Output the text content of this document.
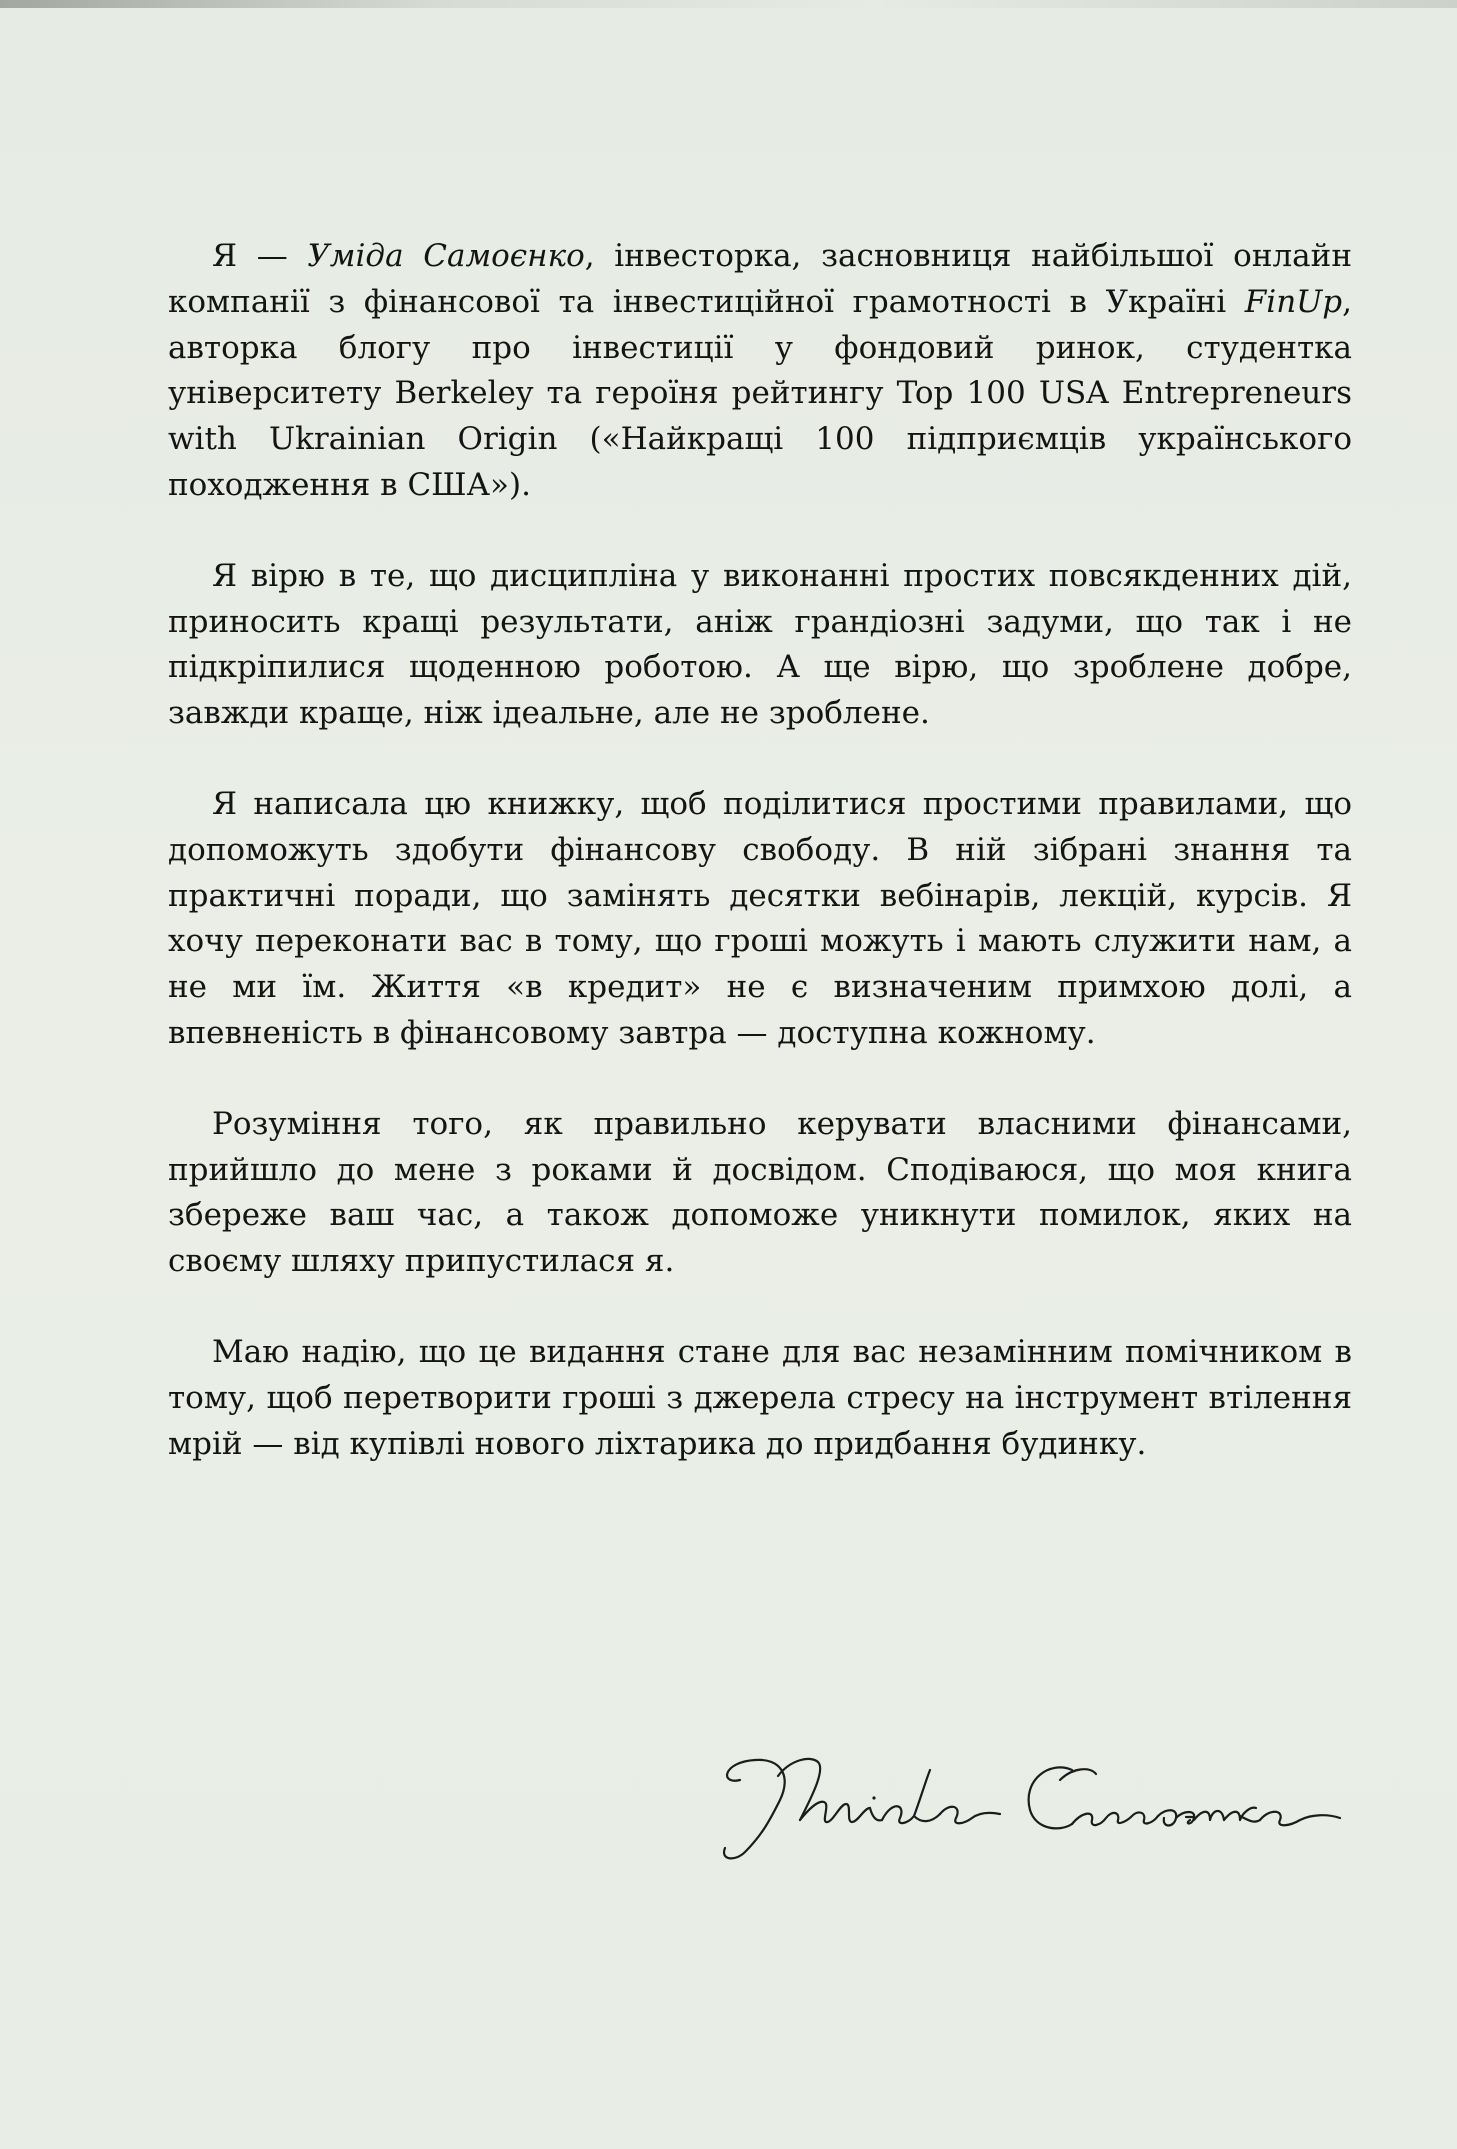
Я — Уміда Самоєнко, інвесторка, засновниця найбільшої онлайн компанії з фінансової та інвестиційної грамотності в Україні FinUp, авторка блогу про інвестиції у фондовий ринок, студентка університету Berkeley та героїня рейтингу Top 100 USA Entrepreneurs with Ukrainian Origin («Найкращі 100 підприємців українського походження в США»).

Я вірю в те, що дисципліна у виконанні простих повсякденних дій, приносить кращі результати, аніж грандіозні задуми, що так і не підкріпилися щоденною роботою. А ще вірю, що зроблене добре, завжди краще, ніж ідеальне, але не зроблене.

Я написала цю книжку, щоб поділитися простими правилами, що допоможуть здобути фінансову свободу. В ній зібрані знання та практичні поради, що замінять десятки вебінарів, лекцій, курсів. Я хочу переконати вас в тому, що гроші можуть і мають служити нам, а не ми їм. Життя «в кредит» не є визначеним примхою долі, а впевненість в фінансовому завтра — доступна кожному.

Розуміння того, як правильно керувати власними фінансами, прийшло до мене з роками й досвідом. Сподіваюся, що моя книга збереже ваш час, а також допоможе уникнути помилок, яких на своєму шляху припустилася я.

Маю надію, що це видання стане для вас незамінним помічником в тому, щоб перетворити гроші з джерела стресу на інструмент втілення мрій — від купівлі нового ліхтарика до придбання будинку.
